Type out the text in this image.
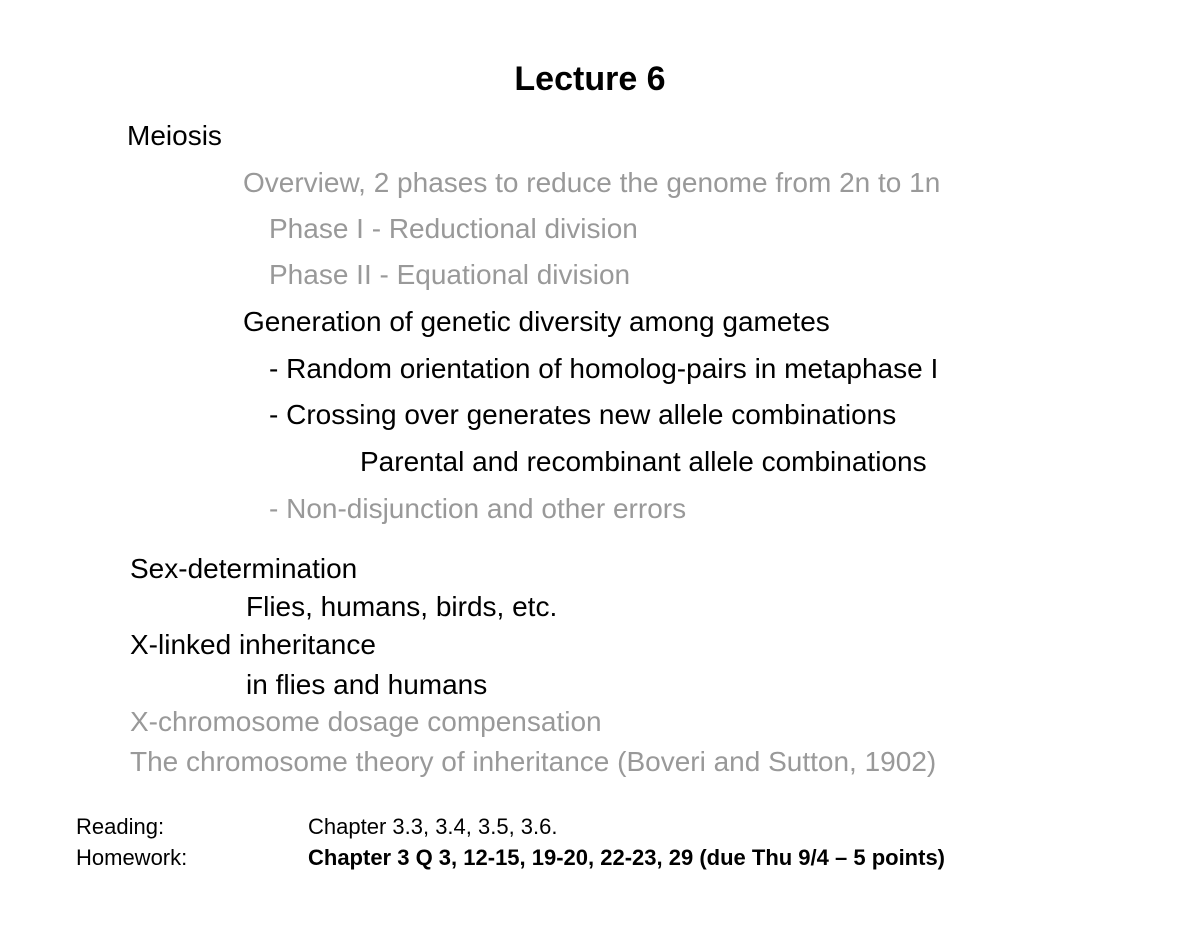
Lecture 6
Meiosis
Overview, 2 phases to reduce the genome from 2n to 1n
Phase I - Reductional division
Phase II - Equational division
Generation of genetic diversity among gametes
- Random orientation of homolog-pairs in metaphase I
- Crossing over generates new allele combinations
Parental and recombinant allele combinations
- Non-disjunction and other errors
Sex-determination
Flies, humans, birds, etc.
X-linked inheritance
in flies and humans
X-chromosome dosage compensation
The chromosome theory of inheritance (Boveri and Sutton, 1902)
Reading:	Chapter 3.3, 3.4, 3.5, 3.6.
Homework:	Chapter 3 Q 3, 12-15, 19-20, 22-23, 29 (due Thu 9/4 – 5 points)
